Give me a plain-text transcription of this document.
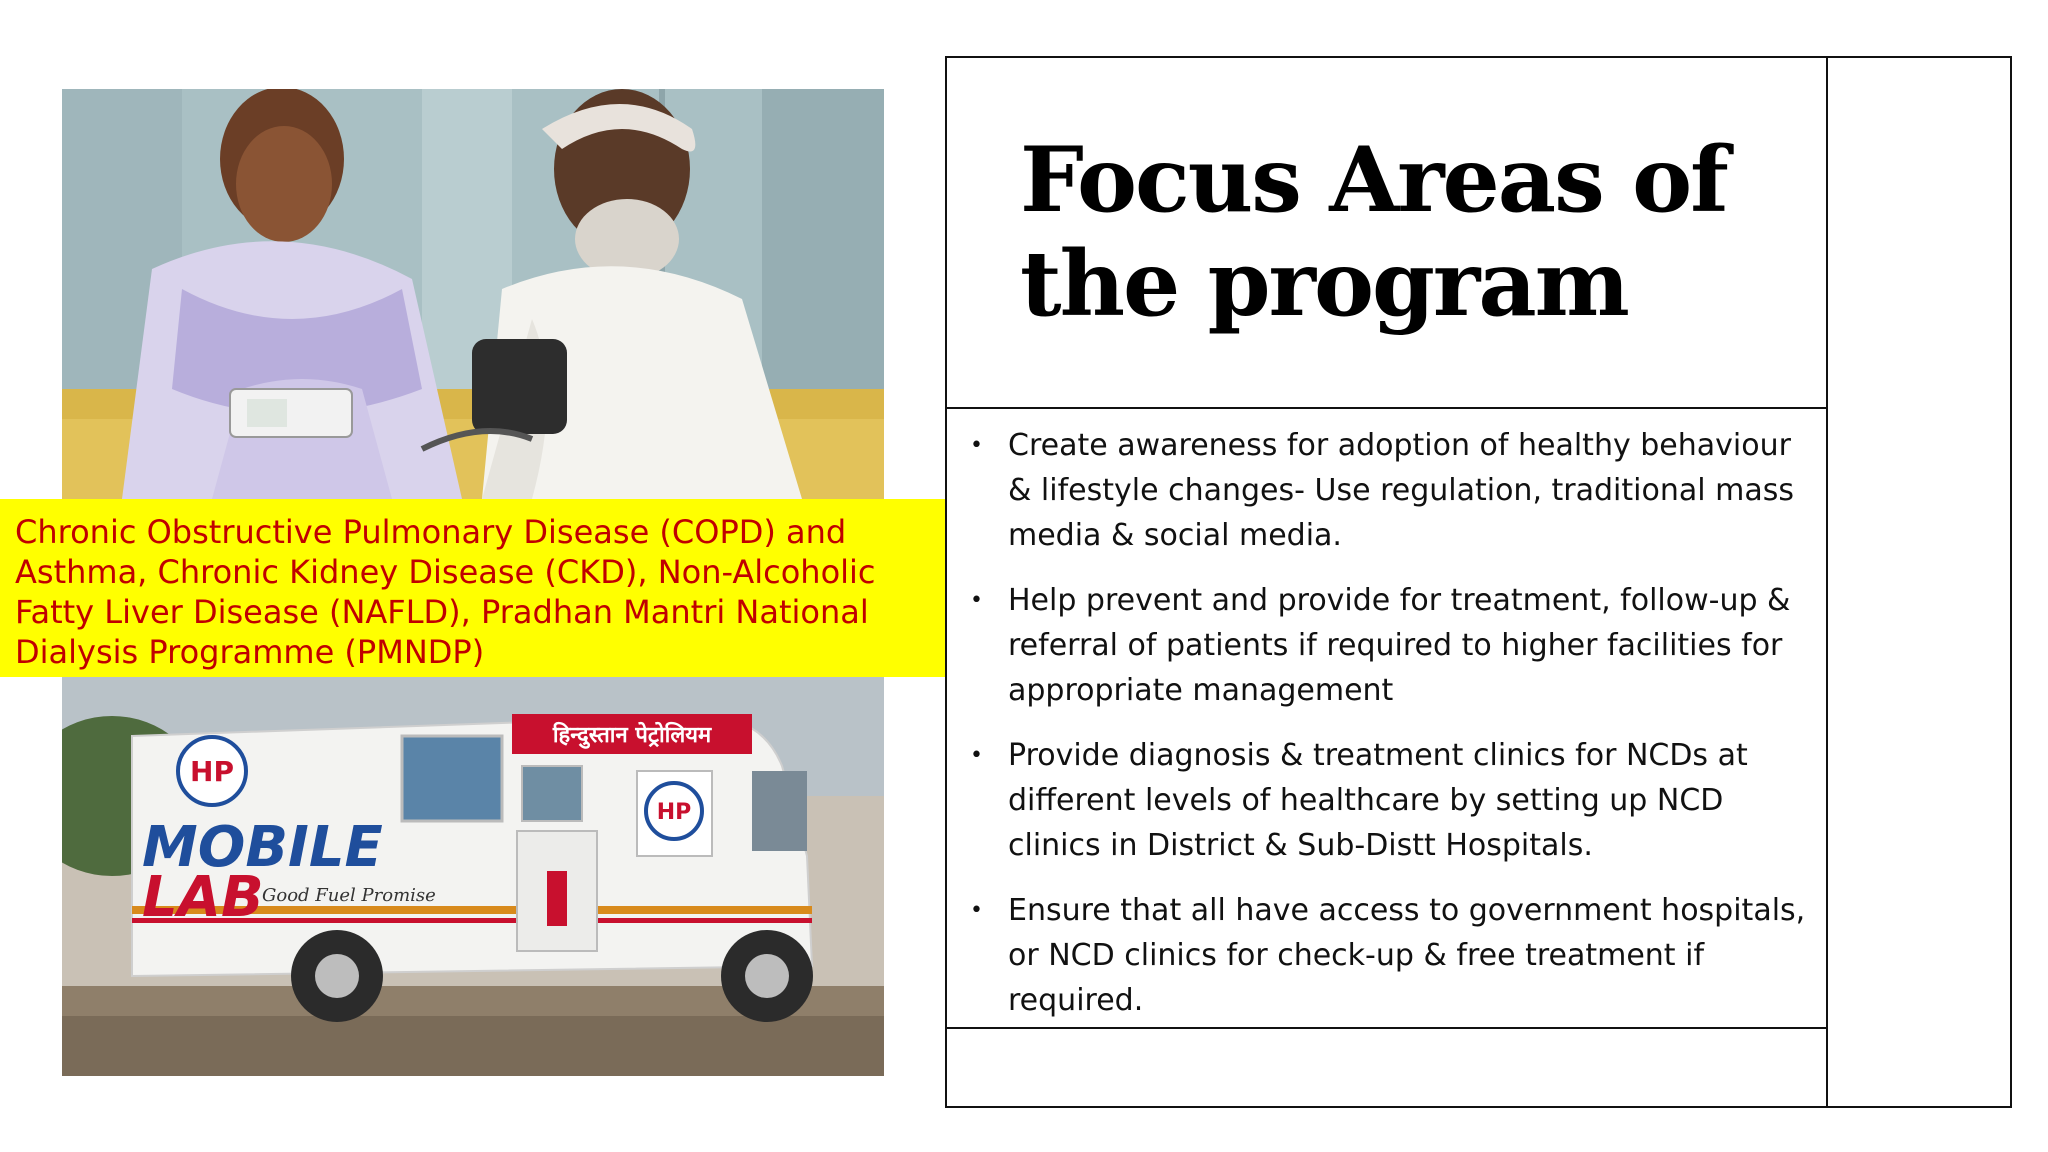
हिन्दुस्तान पेट्रोलियम
HP
MOBILE
LAB
Good Fuel Promise
HP
Chronic Obstructive Pulmonary Disease (COPD) and Asthma, Chronic Kidney Disease (CKD), Non-Alcoholic Fatty Liver Disease (NAFLD), Pradhan Mantri National Dialysis Programme (PMNDP)
Focus Areas of the program
• Create awareness for adoption of healthy behaviour & lifestyle changes- Use regulation, traditional mass media & social media.
• Help prevent and provide for treatment, follow-up & referral of patients if required to higher facilities for appropriate management
• Provide diagnosis & treatment clinics for NCDs at different levels of healthcare by setting up NCD clinics in District & Sub-Distt Hospitals.
• Ensure that all have access to government hospitals, or NCD clinics for check-up & free treatment if required.
